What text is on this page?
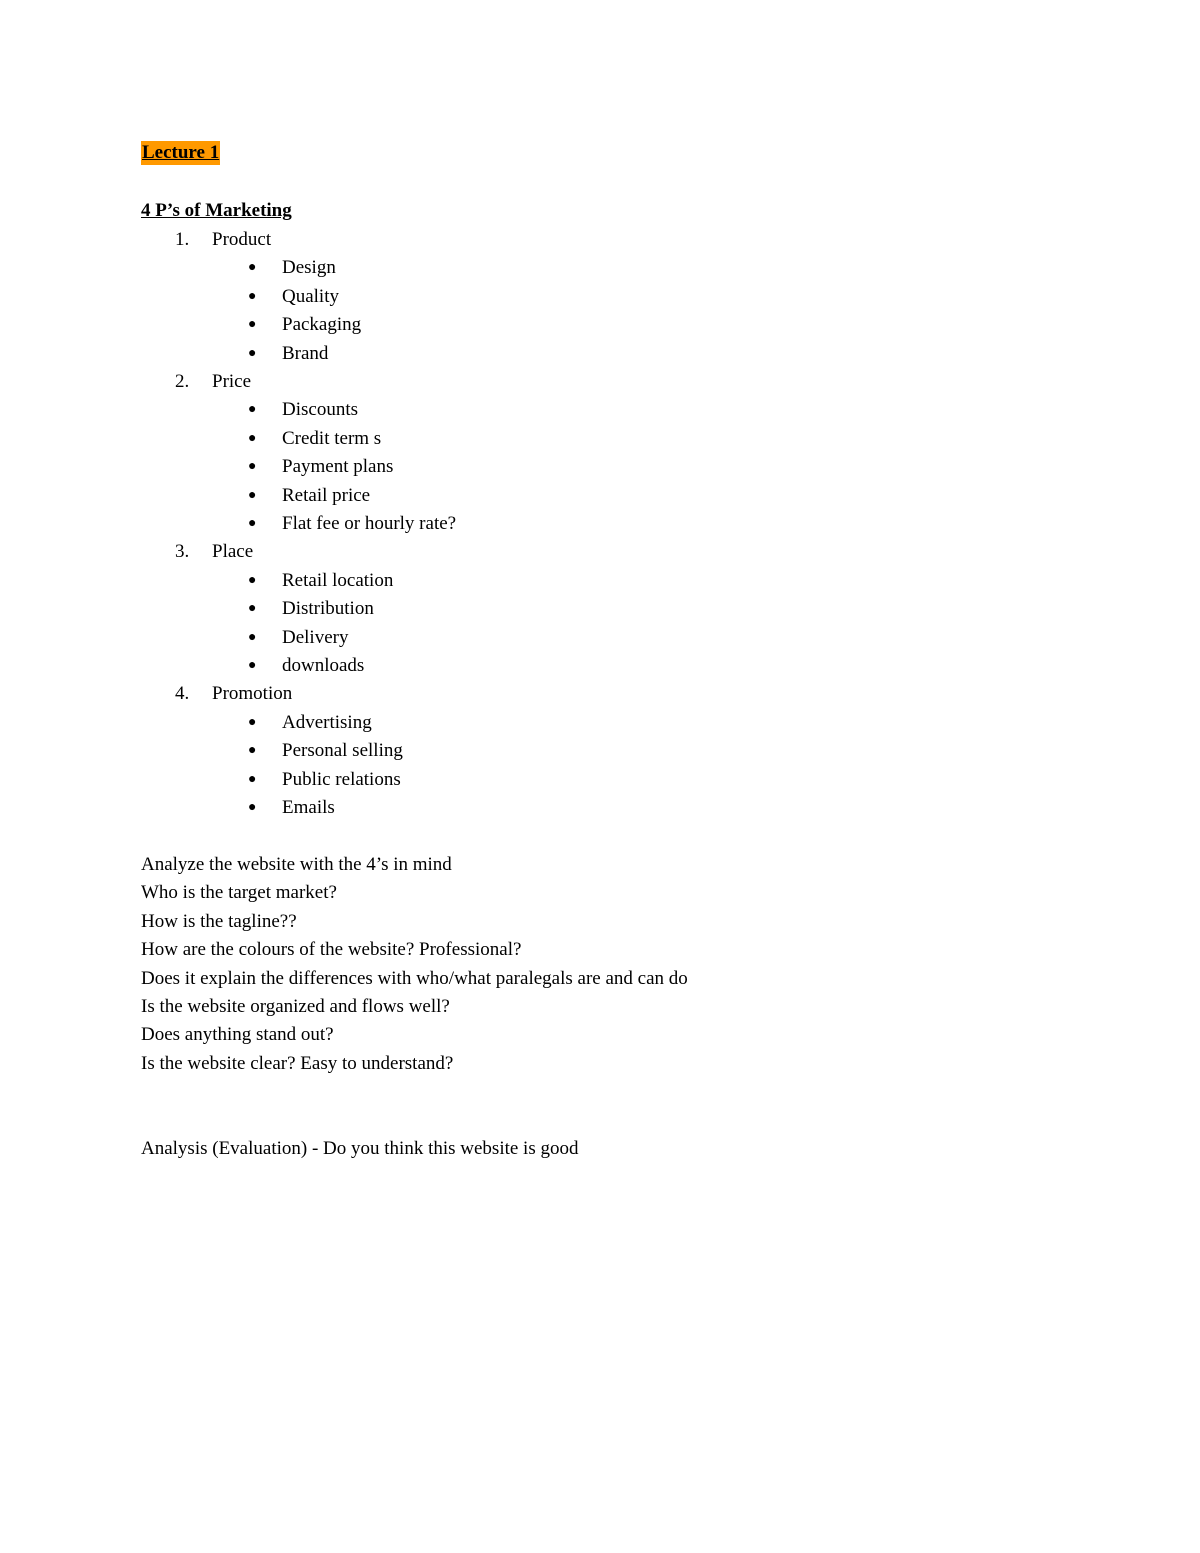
Lecture 1
4 P’s of Marketing
1. Product
● Design
● Quality
● Packaging
● Brand
2. Price
● Discounts
● Credit term s
● Payment plans
● Retail price
● Flat fee or hourly rate?
3. Place
● Retail location
● Distribution
● Delivery
● downloads
4. Promotion
● Advertising
● Personal selling
● Public relations
● Emails
Analyze the website with the 4’s in mind
Who is the target market?
How is the tagline??
How are the colours of the website? Professional?
Does it explain the differences with who/what paralegals are and can do
Is the website organized and flows well?
Does anything stand out?
Is the website clear? Easy to understand?
Analysis (Evaluation) - Do you think this website is good
